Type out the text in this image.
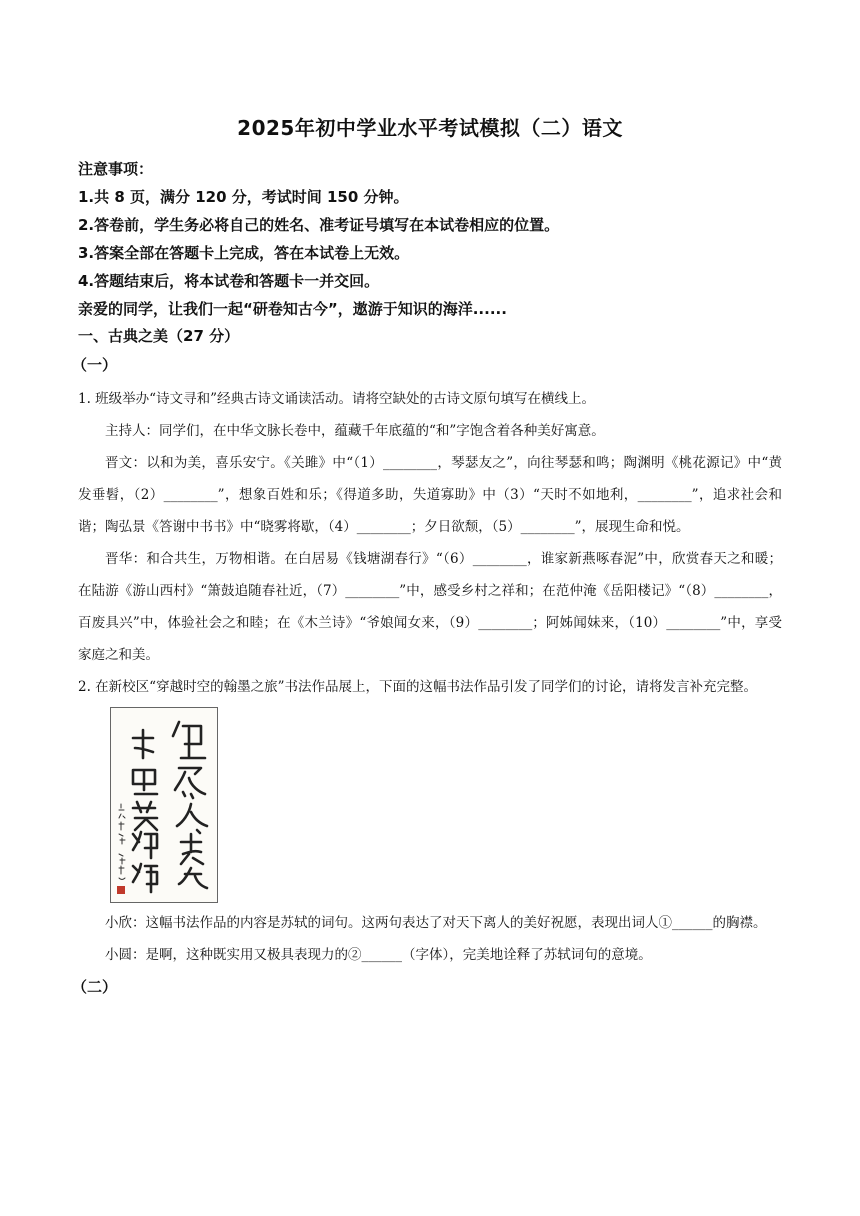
2025年初中学业水平考试模拟（二）语文

注意事项：

1.共 8 页，满分 120 分，考试时间 150 分钟。

2.答卷前，学生务必将自己的姓名、准考证号填写在本试卷相应的位置。

3.答案全部在答题卡上完成，答在本试卷上无效。

4.答题结束后，将本试卷和答题卡一并交回。

亲爱的同学，让我们一起“研卷知古今”，遨游于知识的海洋......

一、古典之美（27 分）

（一）

1. 班级举办“诗文寻和”经典古诗文诵读活动。请将空缺处的古诗文原句填写在横线上。

主持人：同学们，在中华文脉长卷中，蕴藏千年底蕴的“和”字饱含着各种美好寓意。

晋文：以和为美，喜乐安宁。《关雎》中“（1）________，琴瑟友之”，向往琴瑟和鸣；陶渊明《桃花源记》中“黄发垂髫，（2）________”，想象百姓和乐；《得道多助，失道寡助》中（3）“天时不如地利，________”，追求社会和谐；陶弘景《答谢中书书》中“晓雾将歇，（4）________；夕日欲颓，（5）________”，展现生命和悦。

晋华：和合共生，万物相谐。在白居易《钱塘湖春行》“（6）________，谁家新燕啄春泥”中，欣赏春天之和暖；在陆游《游山西村》“箫鼓追随春社近，（7）________”中，感受乡村之祥和；在范仲淹《岳阳楼记》“（8）________，百废具兴”中，体验社会之和睦；在《木兰诗》“爷娘闻女来，（9）________；阿姊闻妹来，（10）________”中，享受家庭之和美。

2. 在新校区“穿越时空的翰墨之旅”书法作品展上，下面的这幅书法作品引发了同学们的讨论，请将发言补充完整。

小欣：这幅书法作品的内容是苏轼的词句。这两句表达了对天下离人的美好祝愿，表现出词人①______的胸襟。

小圆：是啊，这种既实用又极具表现力的②______（字体），完美地诠释了苏轼词句的意境。

（二）
